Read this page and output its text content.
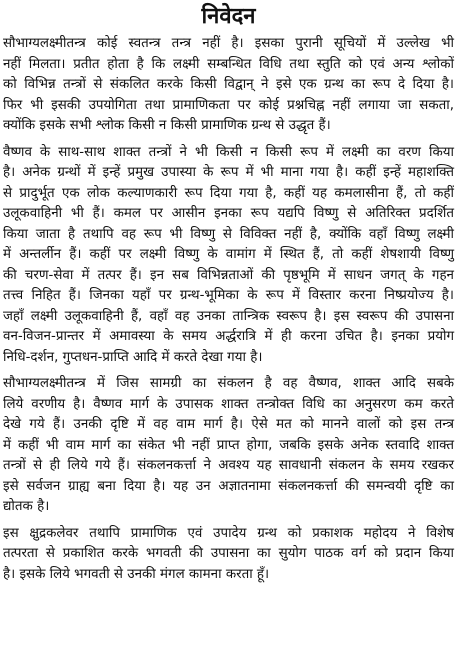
निवेदन
सौभाग्यलक्ष्मीतन्त्र कोई स्वतन्त्र तन्त्र नहीं है। इसका पुरानी सूचियों में उल्लेख भी
नहीं मिलता। प्रतीत होता है कि लक्ष्मी सम्बन्धित विधि तथा स्तुति को एवं अन्य श्लोकों
को विभिन्न तन्त्रों से संकलित करके किसी विद्वान् ने इसे एक ग्रन्थ का रूप दे दिया है।
फिर भी इसकी उपयोगिता तथा प्रामाणिकता पर कोई प्रश्नचिह्न नहीं लगाया जा सकता,
क्योंकि इसके सभी श्लोक किसी न किसी प्रामाणिक ग्रन्थ से उद्धृत हैं।
वैष्णव के साथ-साथ शाक्त तन्त्रों ने भी किसी न किसी रूप में लक्ष्मी का वरण किया
है। अनेक ग्रन्थों में इन्हें प्रमुख उपास्या के रूप में भी माना गया है। कहीं इन्हें महाशक्ति
से प्रादुर्भूत एक लोक कल्याणकारी रूप दिया गया है, कहीं यह कमलासीना हैं, तो कहीं
उलूकवाहिनी भी हैं। कमल पर आसीन इनका रूप यद्यपि विष्णु से अतिरिक्त प्रदर्शित
किया जाता है तथापि वह रूप भी विष्णु से विविक्त नहीं है, क्योंकि वहाँ विष्णु लक्ष्मी
में अन्तर्लीन हैं। कहीं पर लक्ष्मी विष्णु के वामांग में स्थित हैं, तो कहीं शेषशायी विष्णु
की चरण-सेवा में तत्पर हैं। इन सब विभिन्नताओं की पृष्ठभूमि में साधन जगत् के गहन
तत्त्व निहित हैं। जिनका यहाँ पर ग्रन्थ-भूमिका के रूप में विस्तार करना निष्प्रयोज्य है।
जहाँ लक्ष्मी उलूकवाहिनी हैं, वहाँ वह उनका तान्त्रिक स्वरूप है। इस स्वरूप की उपासना
वन-विजन-प्रान्तर में अमावस्या के समय अर्द्धरात्रि में ही करना उचित है। इनका प्रयोग
निधि-दर्शन, गुप्तधन-प्राप्ति आदि में करते देखा गया है।
सौभाग्यलक्ष्मीतन्त्र में जिस सामग्री का संकलन है वह वैष्णव, शाक्त आदि सबके
लिये वरणीय है। वैष्णव मार्ग के उपासक शाक्त तन्त्रोक्त विधि का अनुसरण कम करते
देखे गये हैं। उनकी दृष्टि में वह वाम मार्ग है। ऐसे मत को मानने वालों को इस तन्त्र
में कहीं भी वाम मार्ग का संकेत भी नहीं प्राप्त होगा, जबकि इसके अनेक स्तवादि शाक्त
तन्त्रों से ही लिये गये हैं। संकलनकर्त्ता ने अवश्य यह सावधानी संकलन के समय रखकर
इसे सर्वजन ग्राह्य बना दिया है। यह उन अज्ञातनामा संकलनकर्त्ता की समन्वयी दृष्टि का
द्योतक है।
इस क्षुद्रकलेवर तथापि प्रामाणिक एवं उपादेय ग्रन्थ को प्रकाशक महोदय ने विशेष
तत्परता से प्रकाशित करके भगवती की उपासना का सुयोग पाठक वर्ग को प्रदान किया
है। इसके लिये भगवती से उनकी मंगल कामना करता हूँ।
